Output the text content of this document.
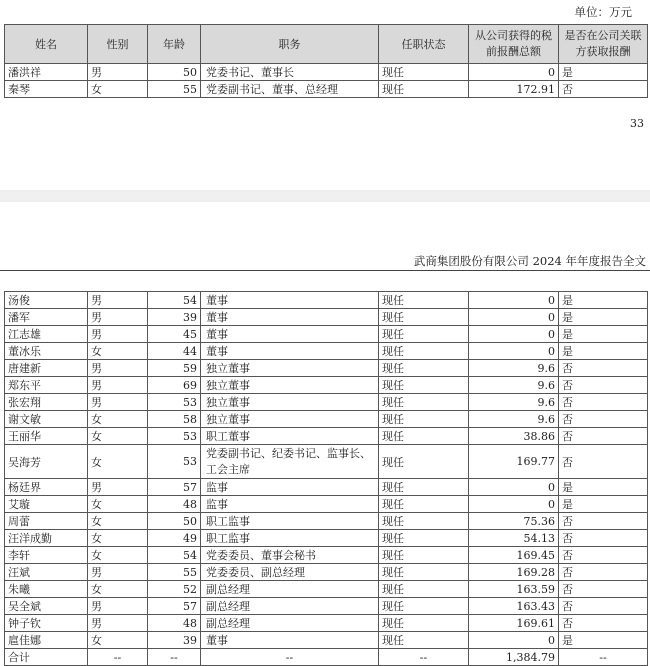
单位：万元
姓名	性别	年龄	职务	任职状态	从公司获得的税前报酬总额	是否在公司关联方获取报酬
潘洪祥	男	50	党委书记、董事长	现任	0	是
秦琴	女	55	党委副书记、董事、总经理	现任	172.91	否
33
武商集团股份有限公司 2024 年年度报告全文
汤俊	男	54	董事	现任	0	是
潘军	男	39	董事	现任	0	是
江志雄	男	45	董事	现任	0	是
董冰乐	女	44	董事	现任	0	是
唐建新	男	59	独立董事	现任	9.6	否
郑东平	男	69	独立董事	现任	9.6	否
张宏翔	男	53	独立董事	现任	9.6	否
谢文敏	女	58	独立董事	现任	9.6	否
王丽华	女	53	职工董事	现任	38.86	否
吴海芳	女	53	党委副书记、纪委书记、监事长、工会主席	现任	169.77	否
杨廷界	男	57	监事	现任	0	是
艾璇	女	48	监事	现任	0	是
周蕾	女	50	职工监事	现任	75.36	否
汪洋成勤	女	49	职工监事	现任	54.13	否
李轩	女	54	党委委员、董事会秘书	现任	169.45	否
汪斌	男	55	党委委员、副总经理	现任	169.28	否
朱曦	女	52	副总经理	现任	163.59	否
吴全斌	男	57	副总经理	现任	163.43	否
钟子钦	男	48	副总经理	现任	169.61	否
扈佳娜	女	39	董事	现任	0	是
合计	--	--	--	--	1,384.79	--
